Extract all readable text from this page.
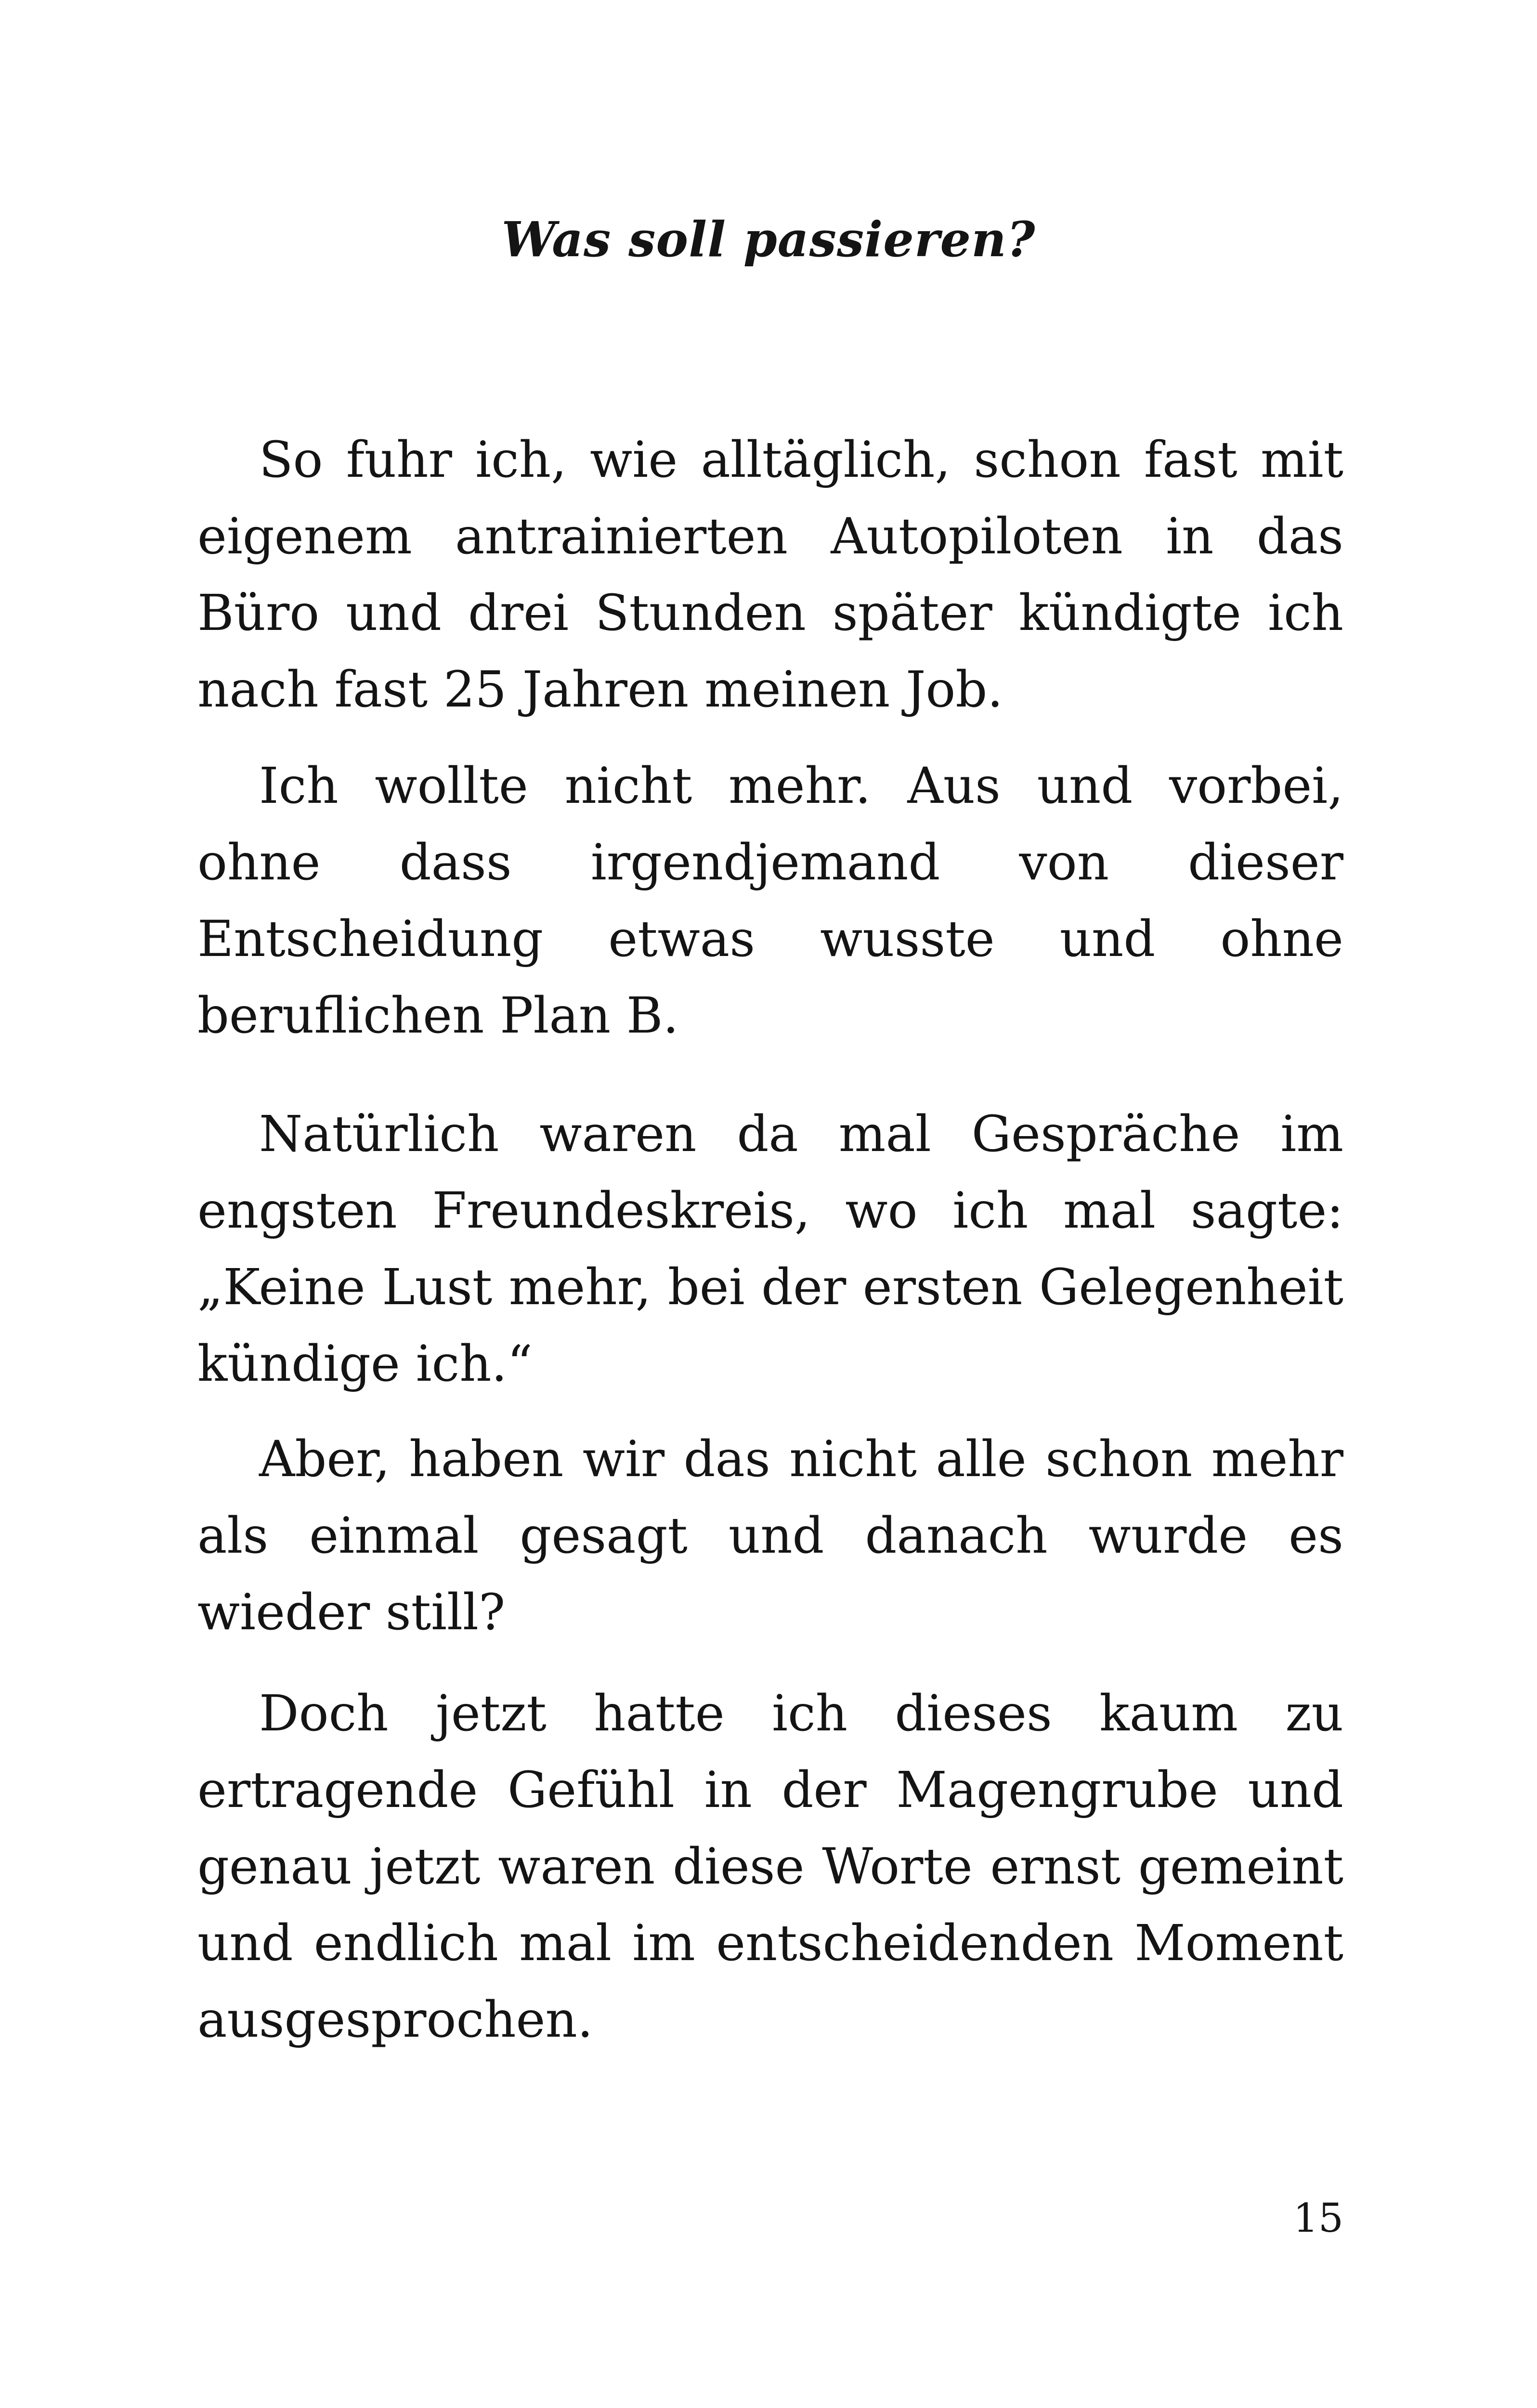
Was soll passieren?

So fuhr ich, wie alltäglich, schon fast mit eigenem antrainierten Autopiloten in das Büro und drei Stunden später kündigte ich nach fast 25 Jahren meinen Job.

Ich wollte nicht mehr. Aus und vorbei, ohne dass irgendjemand von dieser Entscheidung etwas wusste und ohne beruflichen Plan B.

Natürlich waren da mal Gespräche im engsten Freundeskreis, wo ich mal sagte: „Keine Lust mehr, bei der ersten Gelegenheit kündige ich.“

Aber, haben wir das nicht alle schon mehr als einmal gesagt und danach wurde es wieder still?

Doch jetzt hatte ich dieses kaum zu ertragende Gefühl in der Magengrube und genau jetzt waren diese Worte ernst gemeint und endlich mal im entscheidenden Moment ausgesprochen.

15
